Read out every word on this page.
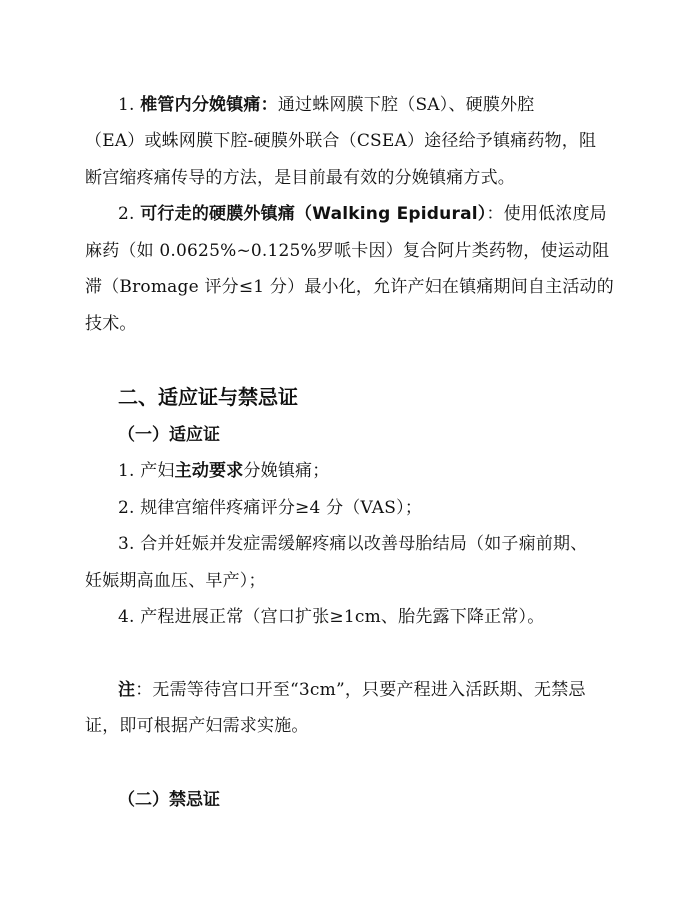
1. 椎管内分娩镇痛：通过蛛网膜下腔（SA）、硬膜外腔
（EA）或蛛网膜下腔-硬膜外联合（CSEA）途径给予镇痛药物，阻
断宫缩疼痛传导的方法，是目前最有效的分娩镇痛方式。
2. 可行走的硬膜外镇痛（Walking Epidural）：使用低浓度局
麻药（如 0.0625%~0.125%罗哌卡因）复合阿片类药物，使运动阻
滞（Bromage 评分≤1 分）最小化，允许产妇在镇痛期间自主活动的
技术。
二、适应证与禁忌证
（一）适应证
1. 产妇主动要求分娩镇痛；
2. 规律宫缩伴疼痛评分≥4 分（VAS）；
3. 合并妊娠并发症需缓解疼痛以改善母胎结局（如子痫前期、
妊娠期高血压、早产）；
4. 产程进展正常（宫口扩张≥1cm、胎先露下降正常）。
注：无需等待宫口开至“3cm”，只要产程进入活跃期、无禁忌
证，即可根据产妇需求实施。
（二）禁忌证
